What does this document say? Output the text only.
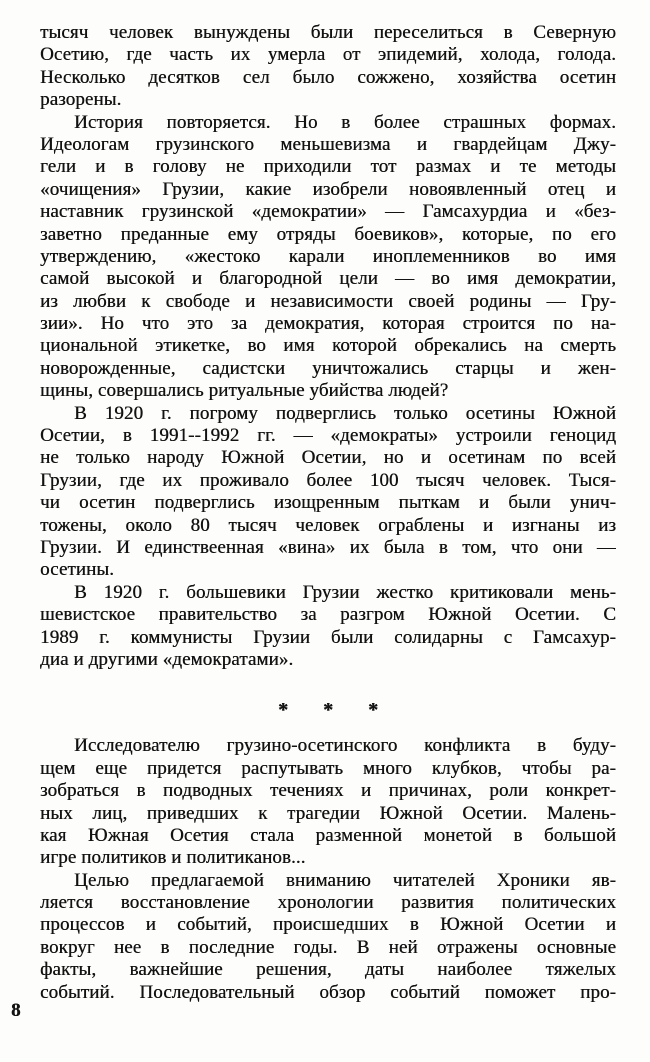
тысяч человек вынуждены были переселиться в Северную
Осетию, где часть их умерла от эпидемий, холода, голода.
Несколько десятков сел было сожжено, хозяйства осетин
разорены.

История повторяется. Но в более страшных формах.
Идеологам грузинского меньшевизма и гвардейцам Джу-
гели и в голову не приходили тот размах и те методы
«очищения» Грузии, какие изобрели новоявленный отец и
наставник грузинской «демократии» — Гамсахурдиа и «без-
заветно преданные ему отряды боевиков», которые, по его
утверждению, «жестоко карали иноплеменников во имя
самой высокой и благородной цели — во имя демократии,
из любви к свободе и независимости своей родины — Гру-
зии». Но что это за демократия, которая строится по на-
циональной этикетке, во имя которой обрекались на смерть
новорожденные, садистски уничтожались старцы и жен-
щины, совершались ритуальные убийства людей?

В 1920 г. погрому подверглись только осетины Южной
Осетии, в 1991--1992 гг. — «демократы» устроили геноцид
не только народу Южной Осетии, но и осетинам по всей
Грузии, где их проживало более 100 тысяч человек. Тыся-
чи осетин подверглись изощренным пыткам и были унич-
тожены, около 80 тысяч человек ограблены и изгнаны из
Грузии. И единствеенная «вина» их была в том, что они —
осетины.

В 1920 г. большевики Грузии жестко критиковали мень-
шевистское правительство за разгром Южной Осетии. С
1989 г. коммунисты Грузии были солидарны с Гамсахур-
диа и другими «демократами».

* * *

Исследователю грузино-осетинского конфликта в буду-
щем еще придется распутывать много клубков, чтобы ра-
зобраться в подводных течениях и причинах, роли конкрет-
ных лиц, приведших к трагедии Южной Осетии. Малень-
кая Южная Осетия стала разменной монетой в большой
игре политиков и политиканов...

Целью предлагаемой вниманию читателей Хроники яв-
ляется восстановление хронологии развития политических
процессов и событий, происшедших в Южной Осетии и
вокруг нее в последние годы. В ней отражены основные
факты, важнейшие решения, даты наиболее тяжелых
событий. Последовательный обзор событий поможет про-

8
